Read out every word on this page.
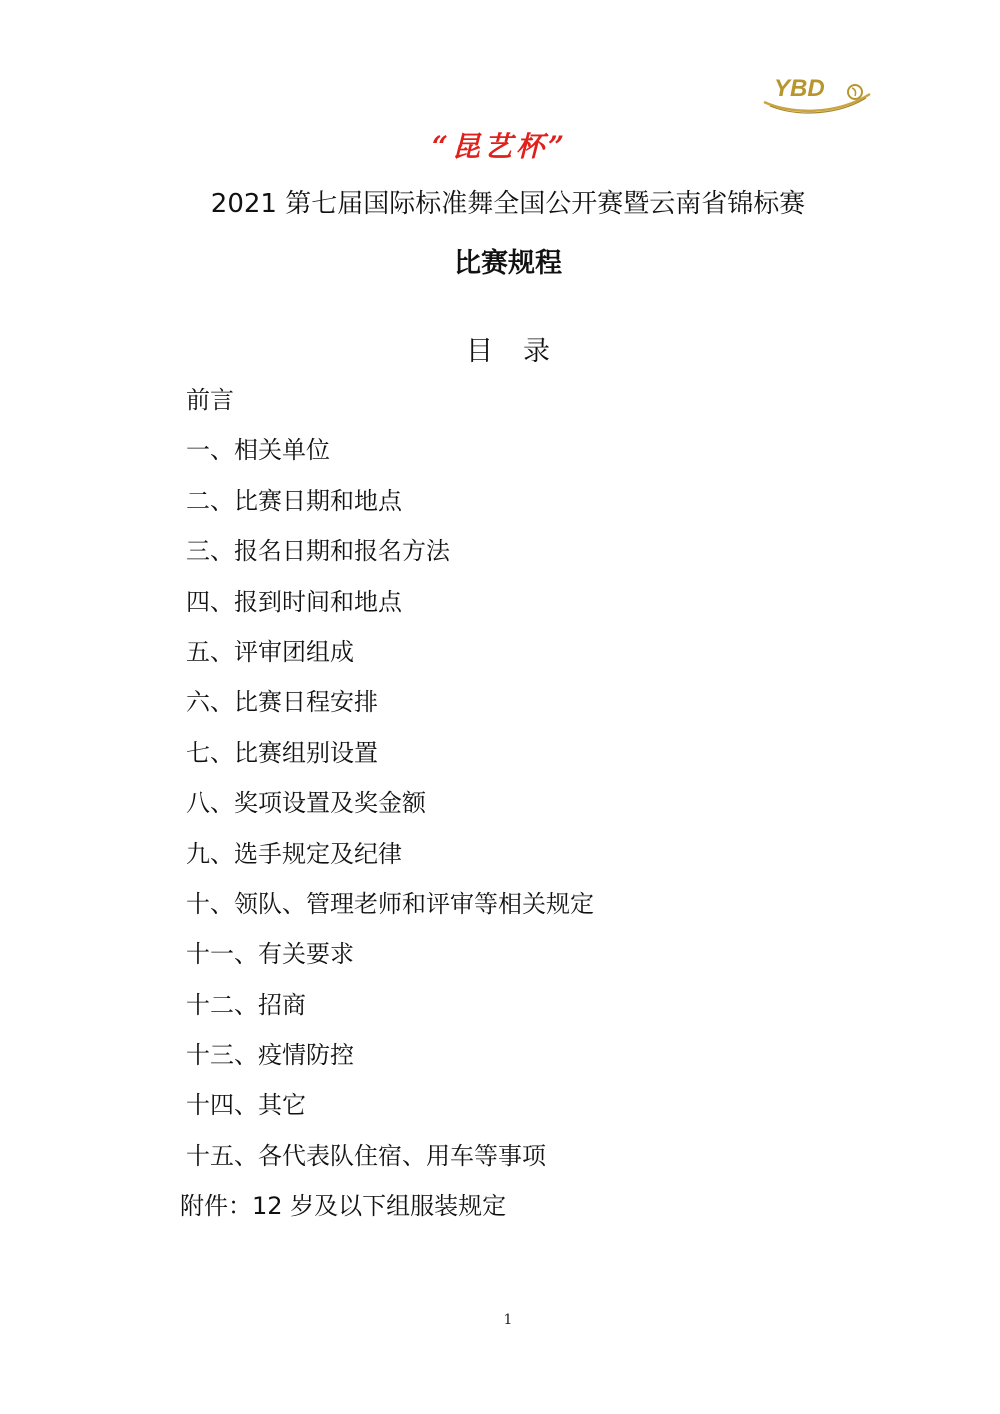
YBD
“昆艺杯”
2021 第七届国际标准舞全国公开赛暨云南省锦标赛
比赛规程
目 录
前言
一、相关单位
二、比赛日期和地点
三、报名日期和报名方法
四、报到时间和地点
五、评审团组成
六、比赛日程安排
七、比赛组别设置
八、奖项设置及奖金额
九、选手规定及纪律
十、领队、管理老师和评审等相关规定
十一、有关要求
十二、招商
十三、疫情防控
十四、其它
十五、各代表队住宿、用车等事项
附件：12 岁及以下组服装规定
1
